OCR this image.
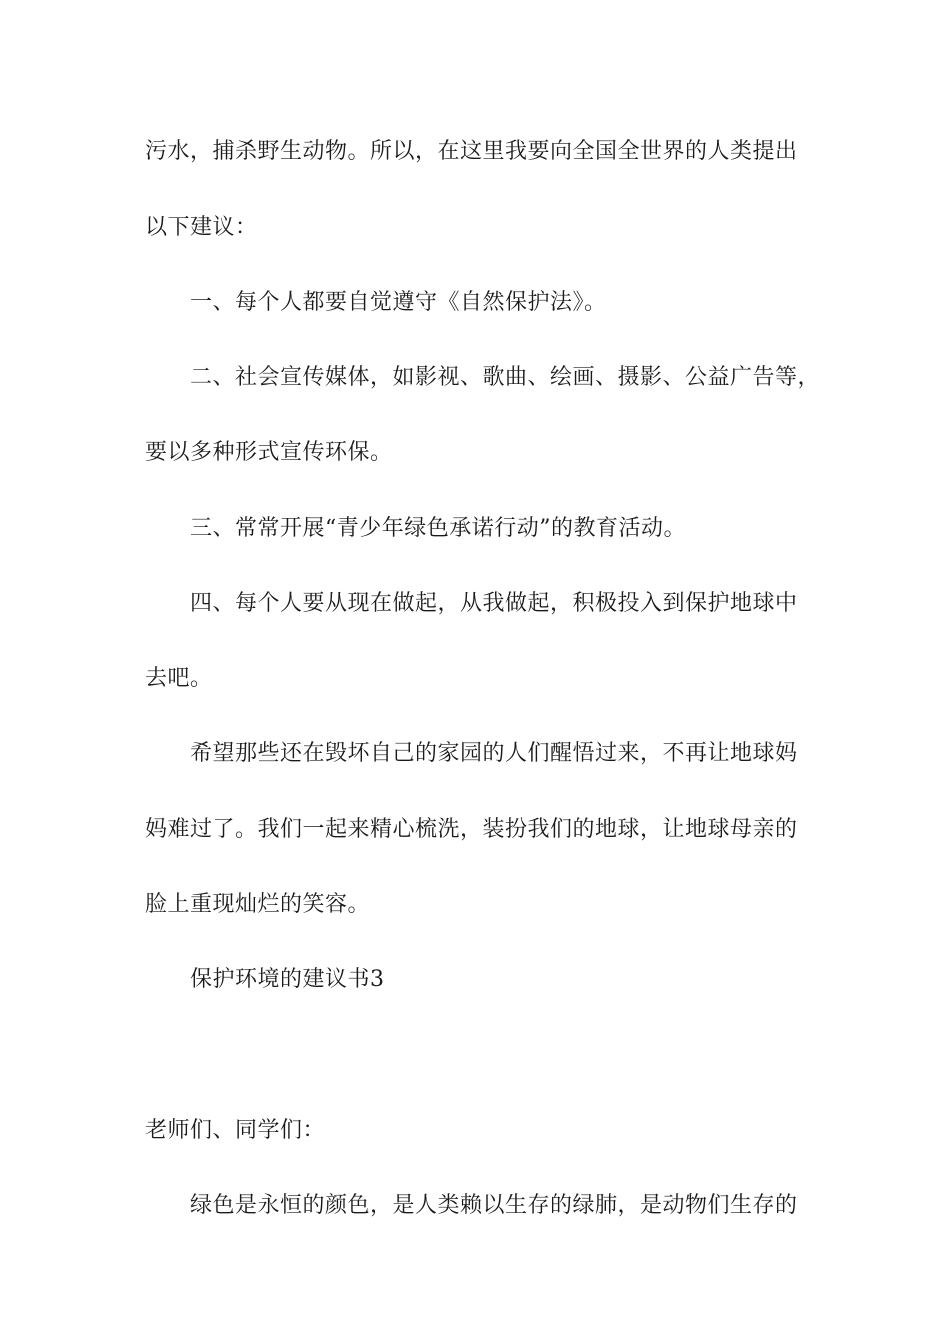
污水，捕杀野生动物。所以，在这里我要向全国全世界的人类提出

以下建议：

一、每个人都要自觉遵守《自然保护法》。

二、社会宣传媒体，如影视、歌曲、绘画、摄影、公益广告等，

要以多种形式宣传环保。

三、常常开展“青少年绿色承诺行动”的教育活动。

四、每个人要从现在做起，从我做起，积极投入到保护地球中

去吧。

希望那些还在毁坏自己的家园的人们醒悟过来，不再让地球妈

妈难过了。我们一起来精心梳洗，装扮我们的地球，让地球母亲的

脸上重现灿烂的笑容。

保护环境的建议书3

老师们、同学们：

绿色是永恒的颜色，是人类赖以生存的绿肺，是动物们生存的
